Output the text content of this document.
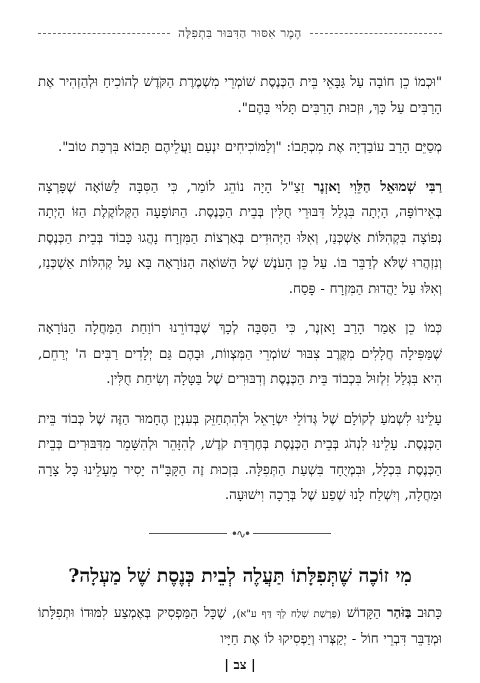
הֶמֶר אִסּוּר הַדִּבּוּר בִּתְפִלָּה

"וּכְמוֹ כֵן חוֹבָה עַל גַּבָּאֵי בֵּית הַכְּנֶסֶת שׁוֹמְרֵי מִשְׁמֶרֶת הַקֹּדֶשׁ לְהוֹכִיחַ וּלְהַזְהִיר אֶת הָרַבִּים עַל כָּךְ, וּזְכוּת הָרַבִּים תָּלוּי בָּהֶם".

מְסַיֵּם הָרַב עוֹבַדְיָה אֶת מִכְתָּבוֹ: "וְלַמּוֹכִיחִים יִנְעַם וַעֲלֵיהֶם תָּבוֹא בִּרְכַּת טוֹב".

רַבִּי שְׁמוּאֵל הַלֵּוִי וָאזְנֶר זַצַ"ל הָיָה נוֹהֵג לוֹמַר, כִּי הַסִּבָּה לַשּׁוֹאָה שֶׁפָּרְצָה בְּאֵירוֹפָּה, הָיְתָה בִּגְלַל דִּבּוּרֵי חֻלִּין בְּבֵית הַכְּנֶסֶת. הַתּוֹפָעָה הַקְּלוֹקֶלֶת הַזּוֹ הָיְתָה נְפוֹצָה בִּקְהִלּוֹת אַשְׁכְּנַז, וְאִלּוּ הַיְּהוּדִים בְּאַרְצוֹת הַמִּזְרָח נָהֲגוּ כָּבוֹד בְּבֵית הַכְּנֶסֶת וְנִזְהֲרוּ שֶׁלֹּא לְדַבֵּר בּוֹ. עַל כֵּן הָעֹנֶשׁ שֶׁל הַשּׁוֹאָה הַנּוֹרָאָה בָּא עַל קְהִלּוֹת אַשְׁכְּנַז, וְאִלּוּ עַל יַהֲדוּת הַמִּזְרָח - פָּסַח.

כְּמוֹ כֵן אָמַר הָרַב וָאזְנֶר, כִּי הַסִּבָּה לְכָךְ שֶׁבְּדוֹרֵנוּ רוֹוַחַת הַמַּחֲלָה הַנּוֹרָאָה שֶׁמַּפִּילָה חֲלָלִים מִקֶּרֶב צִבּוּר שׁוֹמְרֵי הַמִּצְווֹת, וּבָהֶם גַּם יְלָדִים רַבִּים ה' יְרַחֵם, הִיא בִּגְלַל זִלְזוּל בִּכְבוֹד בֵּית הַכְּנֶסֶת וְדִבּוּרִים שֶׁל בַּטָּלָה וְשִׂיחַת חֻלִּין.

עָלֵינוּ לִשְׁמֹעַ לְקוֹלָם שֶׁל גְּדוֹלֵי יִשְׂרָאֵל וּלְהִתְחַזֵּק בְּעִנְיָן הֶחָמוּר הַזֶּה שֶׁל כְּבוֹד בֵּית הַכְּנֶסֶת. עָלֵינוּ לִנְהֹג בְּבֵית הַכְּנֶסֶת בְּחֶרְדַּת קֹדֶשׁ, לְהִזָּהֵר וּלְהִשָּׁמֵר מִדִּבּוּרִים בְּבֵית הַכְּנֶסֶת בִּכְלָל, וּבִמְיֻחָד בִּשְׁעַת הַתְּפִלָּה. בִּזְכוּת זֶה הַקָּבָּ"ה יָסִיר מֵעָלֵינוּ כָּל צָרָה וּמַחֲלָה, וְיִשְׁלַח לָנוּ שֶׁפַע שֶׁל בְּרָכָה וִישׁוּעָה.

•∿•
מִי זוֹכֶה שֶׁתְּפִלָּתוֹ תַּעֲלֶה לְבֵית כְּנֶסֶת שֶׁל מַעְלָה?

כָּתוּב בַּזֹּהַר הַקָּדוֹשׁ (פָּרָשַׁת שְׁלַח לְךָ דַּף ע"א), שֶׁכָּל הַמַּפְסִיק בְּאֶמְצַע לִמּוּדוֹ וּתְפִלָּתוֹ וּמְדַבֵּר דִּבְרֵי חוֹל - יְקַצְּרוּ וְיַפְסִיקוּ לוֹ אֶת חַיָּיו

| צב |
